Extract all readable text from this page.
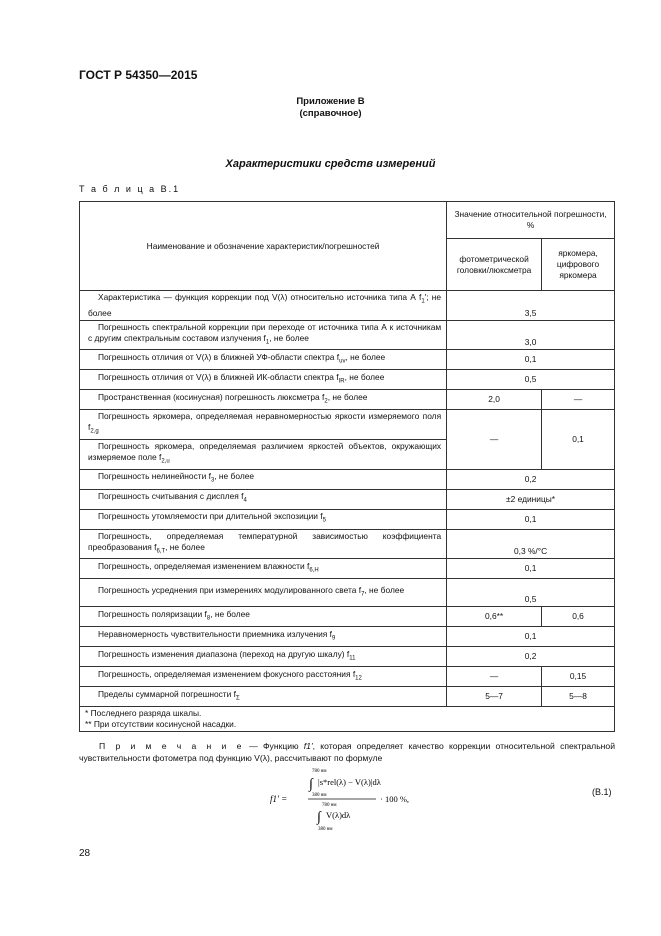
ГОСТ Р 54350—2015
Приложение В
(справочное)
Характеристики средств измерений
Т а б л и ц а В.1
Наименование и обозначение характеристик/погрешностей	Значение относительной погрешности, %	
	фотометрической головки/люксметра	яркомера, цифрового яркомера
Характеристика — функция коррекции под V(λ) относительно источника типа А $f_1'$; не более	3,5	
Погрешность спектральной коррекции при переходе от источника типа А к источникам с другим спектральным составом излучения $f_1$, не более	3,0	
Погрешность отличия от V(λ) в ближней УФ-области спектра $f_{uv}$, не более	0,1	
Погрешность отличия от V(λ) в ближней ИК-области спектра $f_{IR}$, не более	0,5	
Пространственная (косинусная) погрешность люксметра $f_2$, не более	2,0	—
Погрешность яркомера, определяемая неравномерностью яркости измеряемого поля $f_{2,g}$	—	0,1
Погрешность яркомера, определяемая различием яркостей объектов, окружающих измеряемое поле $f_{2,u}$
Погрешность нелинейности $f_3$, не более	0,2	
Погрешность считывания с дисплея $f_4$	±2 единицы*	
Погрешность утомляемости при длительной экспозиции $f_5$	0,1	
Погрешность, определяемая температурной зависимостью коэффициента преобразования $f_{6,T}$, не более	0,3 %/°С	
Погрешность, определяемая изменением влажности $f_{6,H}$	0,1	
Погрешность усреднения при измерениях модулированного света $f_7$, не более	0,5	
Погрешность поляризации $f_8$, не более	0,6**	0,6
Неравномерность чувствительности приемника излучения $f_9$	0,1	
Погрешность изменения диапазона (переход на другую шкалу) $f_{11}$	0,2	
Погрешность, определяемая изменением фокусного расстояния $f_{12}$	—	0,15
Пределы суммарной погрешности $f_\Sigma$	5—7	5—8

* Последнего разряда шкалы.
** При отсутствии косинусной насадки.		
П р и м е ч а н и е — Функцию f1', которая определяет качество коррекции относительной спектральной чувствительности фотометра под функцию V(λ), рассчитывают по формуле
f1' =
780 нм
∫ |s*rel(λ) − V(λ)|dλ
380 нм
780 нм
∫ V(λ)dλ
380 нм
· 100 %,
(В.1)
28
